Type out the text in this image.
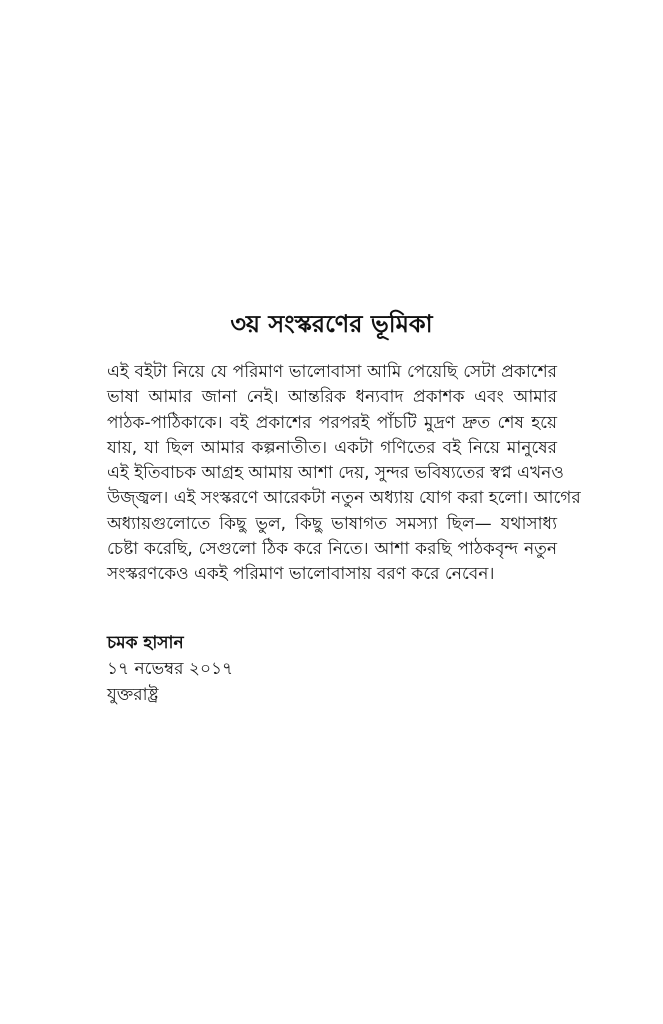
৩য় সংস্করণের ভূমিকা
এই বইটা নিয়ে যে পরিমাণ ভালোবাসা আমি পেয়েছি সেটা প্রকাশের
ভাষা আমার জানা নেই। আন্তরিক ধন্যবাদ প্রকাশক এবং আমার
পাঠক-পাঠিকাকে। বই প্রকাশের পরপরই পাঁচটি মুদ্রণ দ্রুত শেষ হয়ে
যায়, যা ছিল আমার কল্পনাতীত। একটা গণিতের বই নিয়ে মানুষের
এই ইতিবাচক আগ্রহ আমায় আশা দেয়, সুন্দর ভবিষ্যতের স্বপ্ন এখনও
উজ্জ্বল। এই সংস্করণে আরেকটা নতুন অধ্যায় যোগ করা হলো। আগের
অধ্যায়গুলোতে কিছু ভুল, কিছু ভাষাগত সমস্যা ছিল— যথাসাধ্য
চেষ্টা করেছি, সেগুলো ঠিক করে নিতে। আশা করছি পাঠকবৃন্দ নতুন
সংস্করণকেও একই পরিমাণ ভালোবাসায় বরণ করে নেবেন।
চমক হাসান
১৭ নভেম্বর ২০১৭
যুক্তরাষ্ট্র
